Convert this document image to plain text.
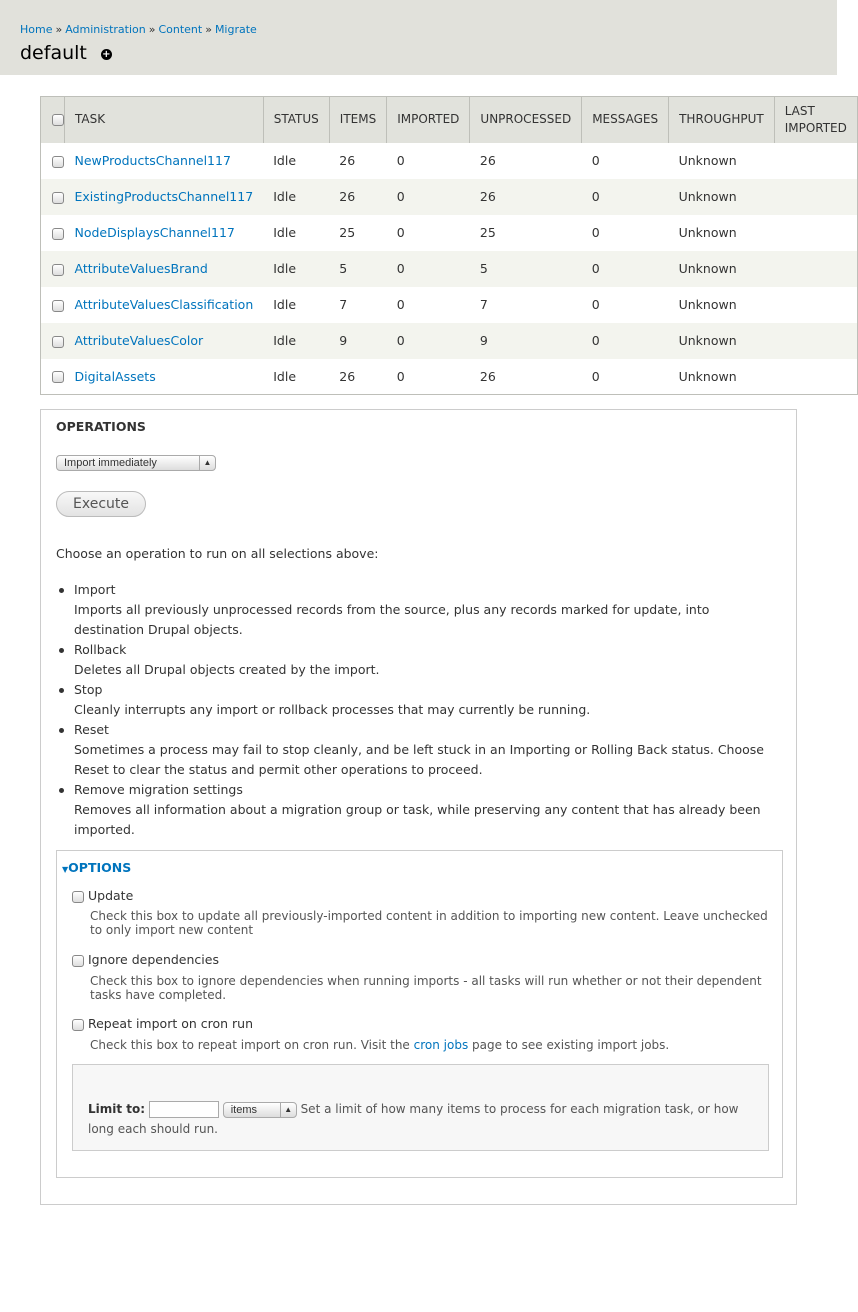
Home » Administration » Content » Migrate
default +
	TASK	STATUS	ITEMS	IMPORTED	UNPROCESSED	MESSAGES	THROUGHPUT	LAST IMPORTED
	NewProductsChannel117	Idle	26	0	26	0	Unknown	
	ExistingProductsChannel117	Idle	26	0	26	0	Unknown	
	NodeDisplaysChannel117	Idle	25	0	25	0	Unknown	
	AttributeValuesBrand	Idle	5	0	5	0	Unknown	
	AttributeValuesClassification	Idle	7	0	7	0	Unknown	
	AttributeValuesColor	Idle	9	0	9	0	Unknown	
	DigitalAssets	Idle	26	0	26	0	Unknown	
OPERATIONS
Import immediately	▲

Execute
Choose an operation to run on all selections above:
Import
Imports all previously unprocessed records from the source, plus any records marked for update, into destination Drupal objects.
Rollback
Deletes all Drupal objects created by the import.
Stop
Cleanly interrupts any import or rollback processes that may currently be running.
Reset
Sometimes a process may fail to stop cleanly, and be left stuck in an Importing or Rolling Back status. Choose Reset to clear the status and permit other operations to proceed.
Remove migration settings
Removes all information about a migration group or task, while preserving any content that has already been imported.
▼OPTIONS
Update
Check this box to update all previously-imported content in addition to importing new content. Leave unchecked to only import new content
Ignore dependencies
Check this box to ignore dependencies when running imports - all tasks will run whether or not their dependent tasks have completed.
Repeat import on cron run
Check this box to repeat import on cron run. Visit the cron jobs page to see existing import jobs.
Limit to:	items	▲ Set a limit of how many items to process for each migration task, or how long each should run.
